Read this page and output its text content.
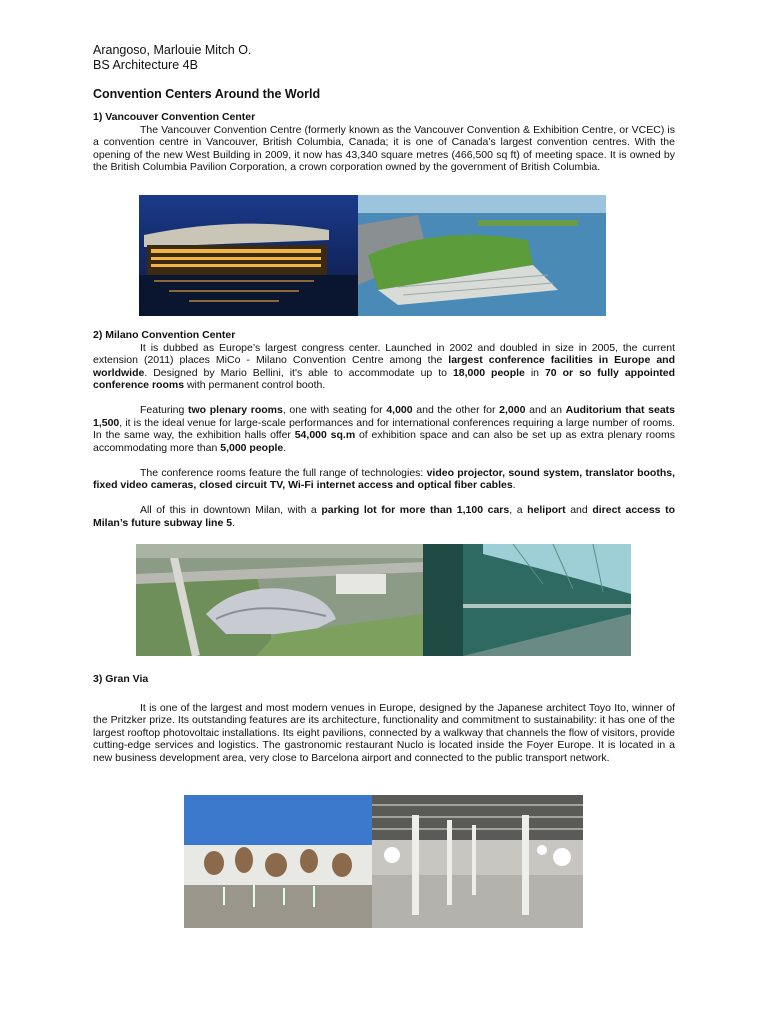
Arangoso, Marlouie Mitch O.
BS Architecture 4B
Convention Centers Around the World
1) Vancouver Convention Center

The Vancouver Convention Centre (formerly known as the Vancouver Convention & Exhibition Centre, or VCEC) is a convention centre in Vancouver, British Columbia, Canada; it is one of Canada’s largest convention centres. With the opening of the new West Building in 2009, it now has 43,340 square metres (466,500 sq ft) of meeting space. It is owned by the British Columbia Pavilion Corporation, a crown corporation owned by the government of British Columbia.

2) Milano Convention Center

It is dubbed as Europe’s largest congress center. Launched in 2002 and doubled in size in 2005, the current extension (2011) places MiCo - Milano Convention Centre among the largest conference facilities in Europe and worldwide. Designed by Mario Bellini, it's able to accommodate up to 18,000 people in 70 or so fully appointed conference rooms with permanent control booth.

Featuring two plenary rooms, one with seating for 4,000 and the other for 2,000 and an Auditorium that seats 1,500, it is the ideal venue for large-scale performances and for international conferences requiring a large number of rooms. In the same way, the exhibition halls offer 54,000 sq.m of exhibition space and can also be set up as extra plenary rooms accommodating more than 5,000 people.

The conference rooms feature the full range of technologies: video projector, sound system, translator booths, fixed video cameras, closed circuit TV, Wi-Fi internet access and optical fiber cables.

All of this in downtown Milan, with a parking lot for more than 1,100 cars, a heliport and direct access to Milan’s future subway line 5.

3) Gran Via

It is one of the largest and most modern venues in Europe, designed by the Japanese architect Toyo Ito, winner of the Pritzker prize. Its outstanding features are its architecture, functionality and commitment to sustainability: it has one of the largest rooftop photovoltaic installations. Its eight pavilions, connected by a walkway that channels the flow of visitors, provide cutting-edge services and logistics. The gastronomic restaurant Nuclo is located inside the Foyer Europe. It is located in a new business development area, very close to Barcelona airport and connected to the public transport network.
